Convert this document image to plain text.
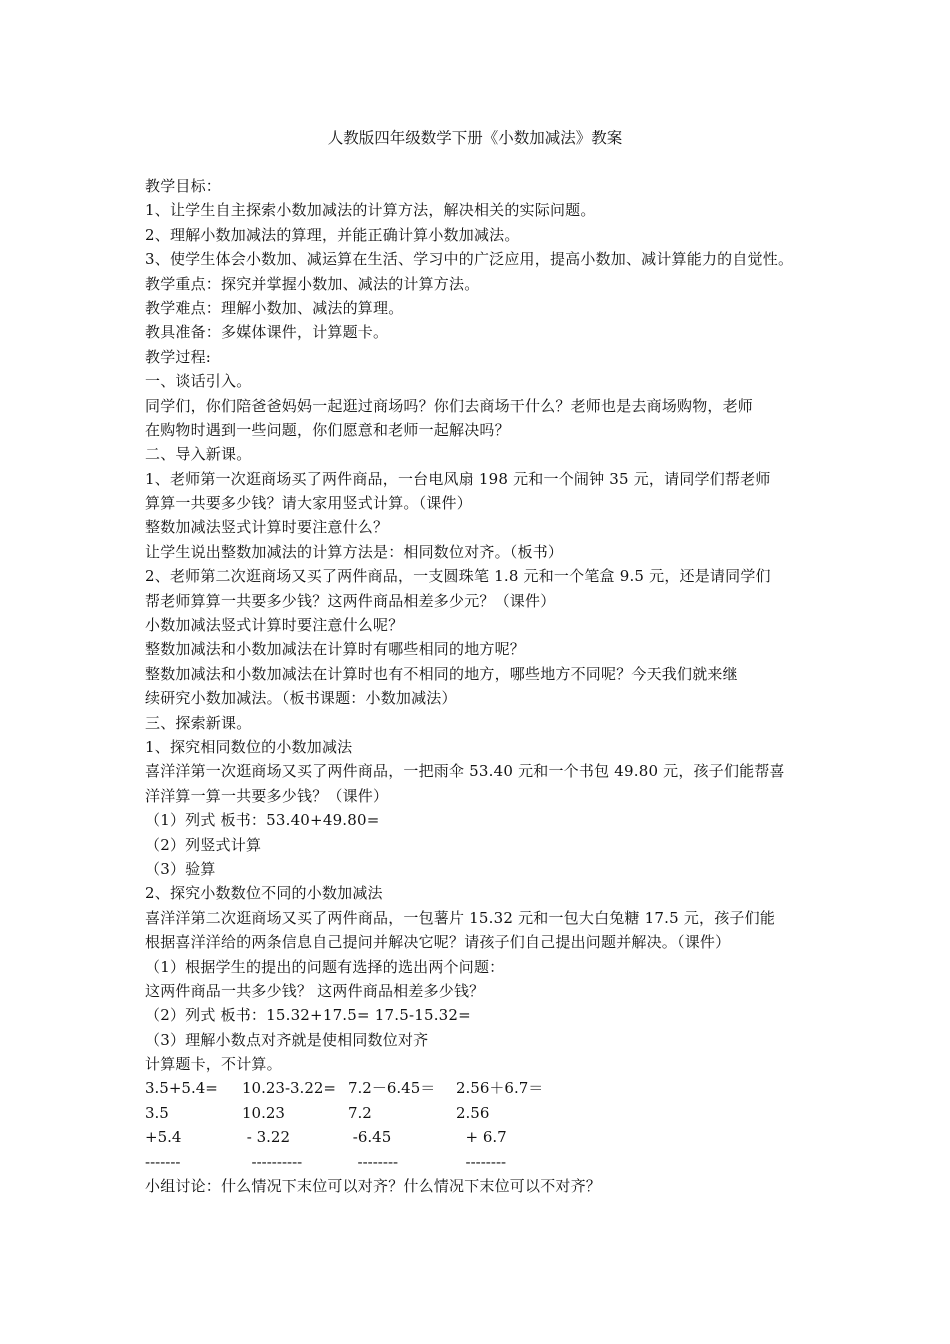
人教版四年级数学下册《小数加减法》教案
教学目标：
1、让学生自主探索小数加减法的计算方法，解决相关的实际问题。
2、理解小数加减法的算理，并能正确计算小数加减法。
3、使学生体会小数加、减运算在生活、学习中的广泛应用，提高小数加、减计算能力的自觉性。
教学重点：探究并掌握小数加、减法的计算方法。
教学难点：理解小数加、减法的算理。
教具准备：多媒体课件，计算题卡。
教学过程:
一、谈话引入。
同学们，你们陪爸爸妈妈一起逛过商场吗？你们去商场干什么？老师也是去商场购物，老师
在购物时遇到一些问题，你们愿意和老师一起解决吗？
二、导入新课。
1、老师第一次逛商场买了两件商品，一台电风扇 198 元和一个闹钟 35 元，请同学们帮老师
算算一共要多少钱？请大家用竖式计算。（课件）
整数加减法竖式计算时要注意什么？
让学生说出整数加减法的计算方法是：相同数位对齐。（板书）
2、老师第二次逛商场又买了两件商品，一支圆珠笔 1.8 元和一个笔盒 9.5 元，还是请同学们
帮老师算算一共要多少钱？这两件商品相差多少元？（课件）
小数加减法竖式计算时要注意什么呢？
整数加减法和小数加减法在计算时有哪些相同的地方呢？
整数加减法和小数加减法在计算时也有不相同的地方，哪些地方不同呢？今天我们就来继
续研究小数加减法。（板书课题：小数加减法）
三、探索新课。
1、探究相同数位的小数加减法
喜洋洋第一次逛商场又买了两件商品，一把雨伞 53.40 元和一个书包 49.80 元，孩子们能帮喜
洋洋算一算一共要多少钱？（课件）
（1）列式 板书：53.40+49.80=
（2）列竖式计算
（3）验算
2、探究小数数位不同的小数加减法
喜洋洋第二次逛商场又买了两件商品，一包薯片 15.32 元和一包大白兔糖 17.5 元，孩子们能
根据喜洋洋给的两条信息自己提问并解决它呢？请孩子们自己提出问题并解决。（课件）
（1）根据学生的提出的问题有选择的选出两个问题：
这两件商品一共多少钱？ 这两件商品相差多少钱？
（2）列式 板书：15.32+17.5= 17.5-15.32=
（3）理解小数点对齐就是使相同数位对齐
计算题卡，不计算。
3.5+5.4=	10.23-3.22= 7.2－6.45＝	2.56＋6.7＝
3.5	10.23	7.2	2.56
+5.4	- 3.22	-6.45	+ 6.7
-------	----------	--------	--------
小组讨论：什么情况下末位可以对齐？什么情况下末位可以不对齐？
